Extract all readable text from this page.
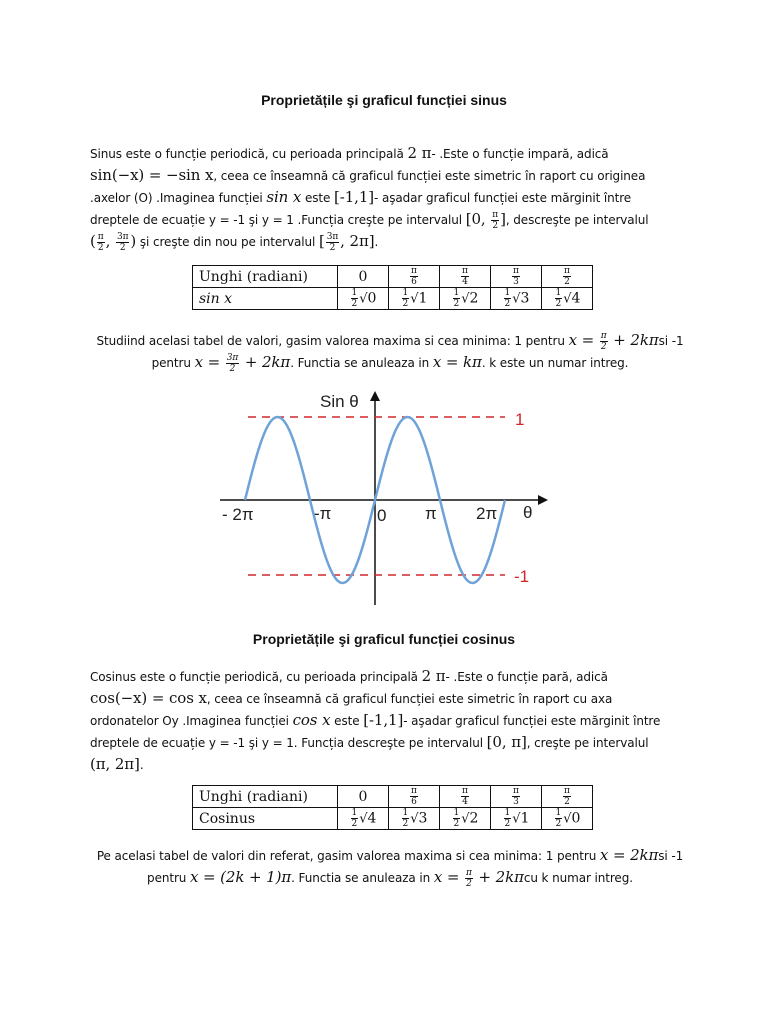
Proprietățile şi graficul funcției sinus
Sinus este o funcție periodică, cu perioada principală 2 π- .Este o funcție impară, adică
sin(−x) = −sin x, ceea ce înseamnă că graficul funcției este simetric în raport cu originea
.axelor (O) .Imaginea funcției sin x este [-1,1]- aşadar graficul funcției este mărginit între
dreptele de ecuație y = -1 şi y = 1 .Funcția creşte pe intervalul [0, $\frac{\pi}{2}$ ], descreşte pe intervalul
( $\frac{\pi}{2}$ , $\frac{3\pi}{2}$ ) şi creşte din nou pe intervalul [ $\frac{3\pi}{2}$ , 2π].
Unghi (radiani)	0	$\frac{\pi}{6}$	$\frac{\pi}{4}$	$\frac{\pi}{3}$	$\frac{\pi}{2}$

sin x	$\frac{1}{2} √0$	$\frac{1}{2} √1$	$\frac{1}{2} √2$	$\frac{1}{2} √3$	$\frac{1}{2} √4$
Studiind acelasi tabel de valori, gasim valorea maxima si cea minima: 1 pentru $x = \frac{\pi}{2} + 2k\pi si$ -1
pentru $x = \frac{3\pi}{2} + 2k\pi$. Functia se anuleaza in x = kπ. k este un numar intreg.
Sin θ
θ
- 2π	-π	0 π 2π
1
-1
Proprietățile şi graficul funcției cosinus
Cosinus este o funcție periodică, cu perioada principală 2 π- .Este o funcție pară, adică
cos(−x) = cos x, ceea ce înseamnă că graficul funcției este simetric în raport cu axa
ordonatelor Oy .Imaginea funcției cos x este [-1,1]- aşadar graficul funcției este mărginit între
dreptele de ecuație y = -1 şi y = 1. Funcția descreşte pe intervalul [0, π], creşte pe intervalul
(π, 2π].
Unghi (radiani)	0	$\frac{\pi}{6}$	$\frac{\pi}{4}$	$\frac{\pi}{3}$	$\frac{\pi}{2}$

Cosinus	$\frac{1}{2} √4$	$\frac{1}{2} √3$	$\frac{1}{2} √2$	$\frac{1}{2} √1$	$\frac{1}{2} √0$
Pe acelasi tabel de valori din referat, gasim valorea maxima si cea minima: 1 pentru x = 2kπsi -1
pentru x = (2k + 1)π. Functia se anuleaza in $x = \frac{\pi}{2} + 2k\pi cu$ k numar intreg.
